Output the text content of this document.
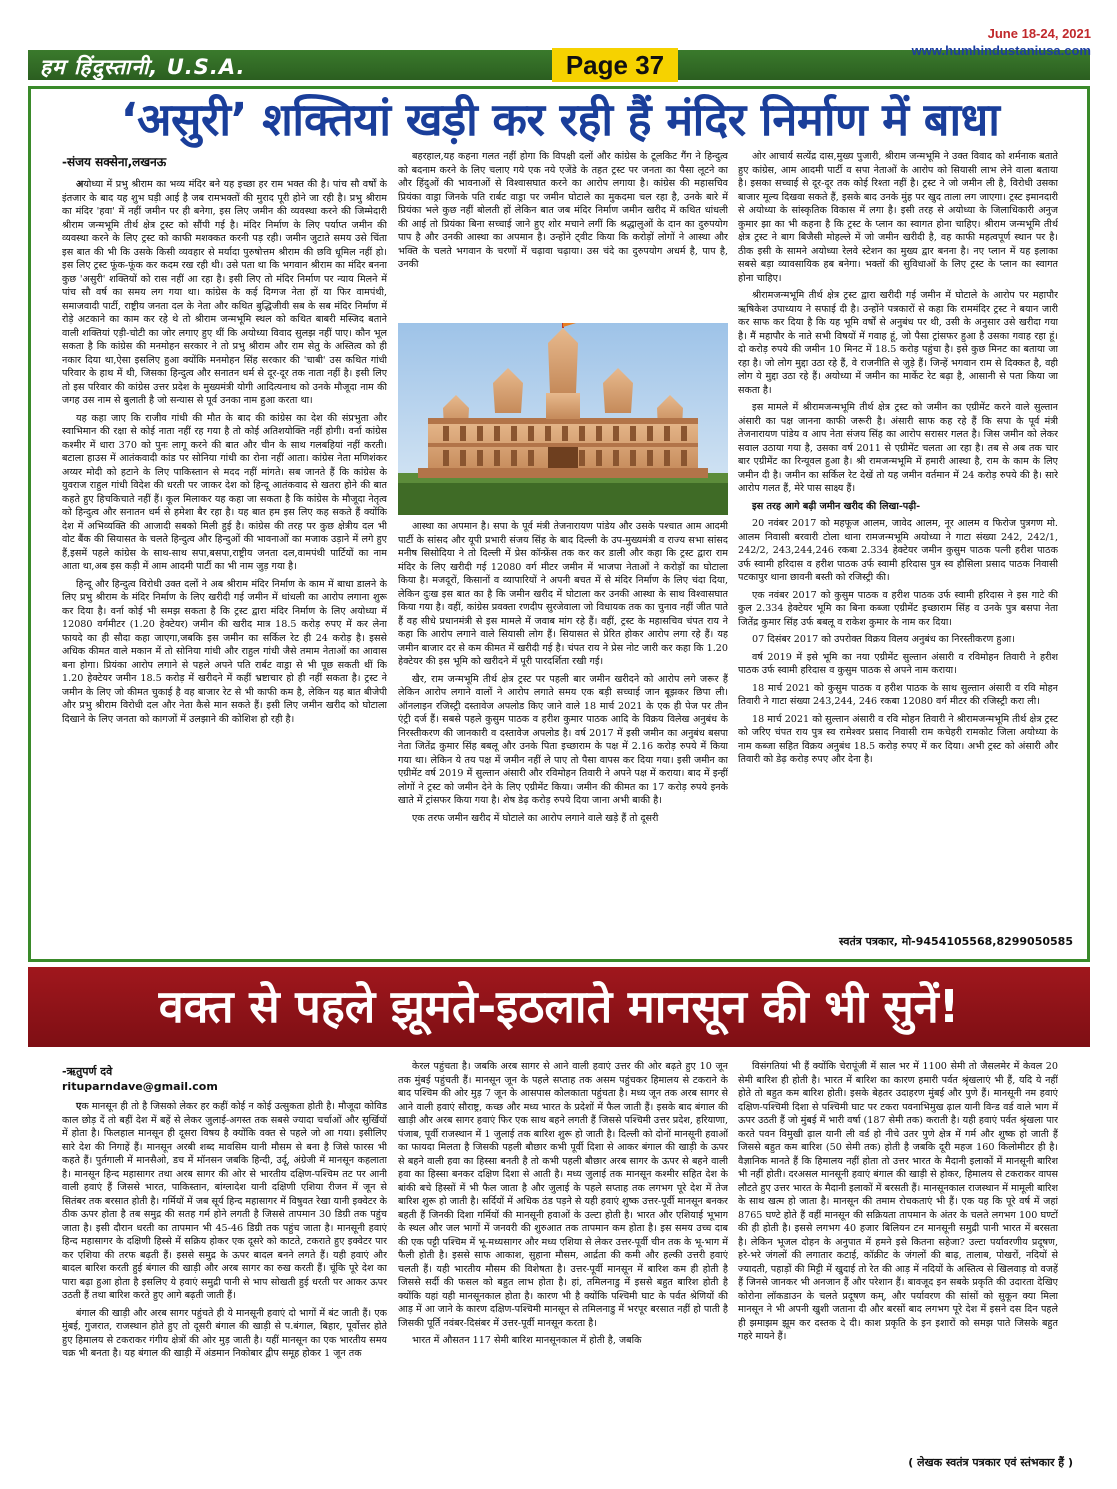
हम हिंदुस्तानी, U.S.A.	Page 37
June 18-24, 2021
www.humhindustaniusa.com
‘असुरी’ शक्तियां खड़ी कर रही हैं मंदिर निर्माण में बाधा
-संजय सक्सेना,लखनऊ

अयोध्या में प्रभु श्रीराम का भव्य मंदिर बने यह इच्छा हर राम भक्त की है। पांच सौ वर्षों के इंतजार के बाद यह शुभ घड़ी आई है जब रामभक्तों की मुराद पूरी होने जा रही है। प्रभु श्रीराम का मंदिर 'हवा' में नहीं जमीन पर ही बनेगा, इस लिए जमीन की व्यवस्था करने की जिम्मेदारी श्रीराम जन्मभूमि तीर्थ क्षेत्र ट्रस्ट को सौंपी गई है। मंदिर निर्माण के लिए पर्याप्त जमीन की व्यवस्था करने के लिए ट्रस्ट को काफी मशक्कत करनी पड़ रही। जमीन जुटाते समय उसे चिंता इस बात की भी कि उसके किसी व्यवहार से मर्यादा पुरुषोत्तम श्रीराम की छवि धूमिल नहीं हो। इस लिए ट्रस्ट फूंक-फूंक कर कदम रख रही थी। उसे पता था कि भगवान श्रीराम का मंदिर बनना कुछ 'असुरी' शक्तियों को रास नहीं आ रहा है। इसी लिए तो मंदिर निर्माण पर न्याय मिलने में पांच सौ वर्ष का समय लग गया था। कांग्रेस के कई दिग्गज नेता हों या फिर वामपंथी, समाजवादी पार्टी, राष्ट्रीय जनता दल के नेता और कथित बुद्धिजीवी सब के सब मंदिर निर्माण में रोड़े अटकाने का काम कर रहे थे तो श्रीराम जन्मभूमि स्थल को कथित बाबरी मस्जिद बताने वाली शक्तियां एड़ी-चोटी का जोर लगाए हुए थीं कि अयोध्या विवाद सुलझ नहीं पाए। कौन भूल सकता है कि कांग्रेस की मनमोहन सरकार ने तो प्रभु श्रीराम और राम सेतु के अस्तित्व को ही नकार दिया था,ऐसा इसलिए हुआ क्योंकि मनमोहन सिंह सरकार की 'चाबी' उस कथित गांधी परिवार के हाथ में थी, जिसका हिन्दुत्व और सनातन धर्म से दूर-दूर तक नाता नहीं है। इसी लिए तो इस परिवार की कांग्रेस उत्तर प्रदेश के मुख्यमंत्री योगी आदित्यनाथ को उनके मौजूदा नाम की जगह उस नाम से बुलाती है जो सन्यास से पूर्व उनका नाम हुआ करता था।

यह कहा जाए कि राजीव गांधी की मौत के बाद की कांग्रेस का देश की संप्रभुता और स्वाभिमान की रक्षा से कोई नाता नहीं रह गया है तो कोई अतिशयोक्ति नहीं होगी। वर्ना कांग्रेस कश्मीर में धारा 370 को पुनः लागू करने की बात और चीन के साथ गलबहियां नहीं करती। बटाला हाउस में आतंकवादी कांड पर सोनिया गांधी का रोना नहीं आता। कांग्रेस नेता मणिशंकर अय्यर मोदी को हटाने के लिए पाकिस्तान से मदद नहीं मांगते। सब जानते हैं कि कांग्रेस के युवराज राहुल गांधी विदेश की धरती पर जाकर देश को हिन्दू आतंकवाद से खतरा होने की बात कहते हुए हिचकिचाते नहीं हैं। कूल मिलाकर यह कहा जा सकता है कि कांग्रेस के मौजूदा नेतृत्व को हिन्दुत्व और सनातन धर्म से हमेशा बैर रहा है। यह बात हम इस लिए कह सकते हैं क्योंकि देश में अभिव्यक्ति की आजादी सबको मिली हुई है। कांग्रेस की तरह पर कुछ क्षेत्रीय दल भी वोट बैंक की सियासत के चलते हिन्दुत्व और हिन्दुओं की भावनाओं का मजाक उड़ाने में लगे हुए हैं,इसमें पहले कांग्रेस के साथ-साथ सपा,बसपा,राष्ट्रीय जनता दल,वामपंथी पार्टियों का नाम आता था,अब इस कड़ी में आम आदमी पार्टी का भी नाम जुड़ गया है।

हिन्दू और हिन्दुत्व विरोधी उक्त दलों ने अब श्रीराम मंदिर निर्माण के काम में बाधा डालने के लिए प्रभु श्रीराम के मंदिर निर्माण के लिए खरीदी गई जमीन में धांधली का आरोप लगाना शुरू कर दिया है। वर्ना कोई भी समझ सकता है कि ट्रस्ट द्वारा मंदिर निर्माण के लिए अयोध्या में 12080 वर्गमीटर (1.20 हेक्टेयर) जमीन की खरीद मात्र 18.5 करोड़ रुपए में कर लेना फायदे का ही सौदा कहा जाएगा,जबकि इस जमीन का सर्किल रेट ही 24 करोड़ है। इससे अधिक कीमत वाले मकान में तो सोनिया गांधी और राहुल गांधी जैसे तमाम नेताओं का आवास बना होगा। प्रियंका आरोप लगाने से पहले अपने पति रार्बट वाड्रा से भी पूछ सकती थीं कि 1.20 हेक्टेयर जमीन 18.5 करोड़ में खरीदने में कहीं भ्रष्टाचार हो ही नहीं सकता है। ट्रस्ट ने जमीन के लिए जो कीमत चुकाई है वह बाजार रेट से भी काफी कम है, लेकिन यह बात बीजेपी और प्रभु श्रीराम विरोधी दल और नेता कैसे मान सकते हैं। इसी लिए जमीन खरीद को घोटाला दिखाने के लिए जनता को कागजों में उलझाने की कोशिश हो रही है।

बहरहाल,यह कहना गलत नहीं होगा कि विपक्षी दलों और कांग्रेस के टूलकिट गैंग ने हिन्दुत्व को बदनाम करने के लिए चलाए गये एक नये एजेंडे के तहत ट्रस्ट पर जनता का पैसा लूटने का और हिंदुओं की भावनाओं से विश्वासघात करने का आरोप लगाया है। कांग्रेस की महासचिव प्रियंका वाड्रा जिनके पति रार्बट वाड्रा पर जमीन घोटाले का मुकदमा चल रहा है, उनके बारे में प्रियंका भले कुछ नहीं बोलती हों लेकिन बात जब मंदिर निर्माण जमीन खरीद में कथित धांधली की आई तो प्रियंका बिना सच्चाई जाने हुए शोर मचाने लगीं कि श्रद्धालुओं के दान का दुरुपयोग पाप है और उनकी आस्था का अपमान है। उन्होंने ट्वीट किया कि करोड़ों लोगों ने आस्था और भक्ति के चलते भगवान के चरणों में चढ़ावा चढ़ाया। उस चंदे का दुरुपयोग अधर्म है, पाप है, उनकी

आस्था का अपमान है। सपा के पूर्व मंत्री तेजनारायण पांडेय और उसके पश्चात आम आदमी पार्टी के सांसद और यूपी प्रभारी संजय सिंह के बाद दिल्ली के उप-मुख्यमंत्री व राज्य सभा सांसद मनीष सिसोदिया ने तो दिल्ली में प्रेस कॉन्फ्रेंस तक कर कर डाली और कहा कि ट्रस्ट द्वारा राम मंदिर के लिए खरीदी गई 12080 वर्ग मीटर जमीन में भाजपा नेताओं ने करोड़ों का घोटाला किया है। मजदूरों, किसानों व व्यापारियों ने अपनी बचत में से मंदिर निर्माण के लिए चंदा दिया, लेकिन दुःख इस बात का है कि जमीन खरीद में घोटाला कर उनकी आस्था के साथ विश्वासघात किया गया है। वहीं, कांग्रेस प्रवक्ता रणदीप सुरजेवाला जो विधायक तक का चुनाव नहीं जीत पाते हैं वह सीधे प्रधानमंत्री से इस मामले में जवाब मांग रहे हैं। वहीं, ट्रस्ट के महासचिव चंपत राय ने कहा कि आरोप लगाने वाले सियासी लोग हैं। सियासत से प्रेरित होकर आरोप लगा रहे हैं। यह जमीन बाजार दर से कम कीमत में खरीदी गई है। चंपत राय ने प्रेस नोट जारी कर कहा कि 1.20 हेक्टेयर की इस भूमि को खरीदने में पूरी पारदर्शिता रखी गई।

खैर, राम जन्मभूमि तीर्थ क्षेत्र ट्रस्ट पर पहली बार जमीन खरीदने को आरोप लगे जरूर हैं लेकिन आरोप लगाने वालों ने आरोप लगाते समय एक बड़ी सच्चाई जान बूझकर छिपा ली। ऑनलाइन रजिस्ट्री दस्तावेज अपलोड किए जाने वाले 18 मार्च 2021 के एक ही पेज पर तीन एंट्री दर्ज हैं। सबसे पहले कुसुम पाठक व हरीश कुमार पाठक आदि के विक्रय विलेख अनुबंध के निरस्तीकरण की जानकारी व दस्तावेज अपलोड है। वर्ष 2017 में इसी जमीन का अनुबंध बसपा नेता जितेंद्र कुमार सिंह बबलू और उनके पिता इच्छाराम के पक्ष में 2.16 करोड़ रुपये में किया गया था। लेकिन ये तय पक्ष में जमीन नहीं ले पाए तो पैसा वापस कर दिया गया। इसी जमीन का एग्रीमेंट वर्ष 2019 में सुल्तान अंसारी और रविमोहन तिवारी ने अपने पक्ष में कराया। बाद में इन्हीं लोगों ने ट्रस्ट को जमीन देने के लिए एग्रीमेंट किया। जमीन की कीमत का 17 करोड़ रुपये इनके खाते में ट्रांसफर किया गया है। शेष डेढ़ करोड़ रुपये दिया जाना अभी बाकी है।

एक तरफ जमीन खरीद में घोटाले का आरोप लगाने वाले खड़े हैं तो दूसरी

ओर आचार्य सत्येंद्र दास,मुख्य पुजारी, श्रीराम जन्मभूमि ने उक्त विवाद को शर्मनाक बताते हुए कांग्रेस, आम आदमी पार्टी व सपा नेताओं के आरोप को सियासी लाभ लेने वाला बताया है। इसका सच्चाई से दूर-दूर तक कोई रिश्ता नहीं है। ट्रस्ट ने जो जमीन ली है, विरोधी उसका बाजार मूल्य दिखवा सकते हैं, इसके बाद उनके मुंह पर खुद ताला लग जाएगा। ट्रस्ट इमानदारी से अयोध्या के सांस्कृतिक विकास में लगा है। इसी तरह से अयोध्या के जिलाधिकारी अनुज कुमार झा का भी कहना है कि ट्रस्ट के प्लान का स्वागत होना चाहिए। श्रीराम जन्मभूमि तीर्थ क्षेत्र ट्रस्ट ने बाग बिजैसी मोहल्ले में जो जमीन खरीदी है, वह काफी महत्वपूर्ण स्थान पर है। ठीक इसी के सामने अयोध्या रेलवे स्टेशन का मुख्य द्वार बनना है। नए प्लान में यह इलाका सबसे बड़ा व्यावसायिक हब बनेगा। भक्तों की सुविधाओं के लिए ट्रस्ट के प्लान का स्वागत होना चाहिए।

श्रीरामजन्मभूमि तीर्थ क्षेत्र ट्रस्ट द्वारा खरीदी गई जमीन में घोटाले के आरोप पर महापौर ऋषिकेश उपाध्याय ने सफाई दी है। उन्होंने पत्रकारों से कहा कि राममंदिर ट्रस्ट ने बयान जारी कर साफ कर दिया है कि यह भूमि वर्षों से अनुबंध पर थी, उसी के अनुसार उसे खरीदा गया है। मैं महापौर के नाते सभी विषयों में गवाह हूं, जो पैसा ट्रांसफर हुआ है उसका गवाह रहा हूं। दो करोड़ रुपये की जमीन 10 मिनट में 18.5 करोड़ पहुंचा है। इसे कुछ मिनट का बताया जा रहा है। जो लोग मुद्दा उठा रहे हैं, वे राजनीति से जुड़े हैं। जिन्हें भगवान राम से दिक्कत है, वही लोग ये मुद्दा उठा रहे हैं। अयोध्या में जमीन का मार्केट रेट बढ़ा है, आसानी से पता किया जा सकता है।

इस मामले में श्रीरामजन्मभूमि तीर्थ क्षेत्र ट्रस्ट को जमीन का एग्रीमेंट करने वाले सुल्तान अंसारी का पक्ष जानना काफी जरूरी है। अंसारी साफ कह रहे हैं कि सपा के पूर्व मंत्री तेजनारायण पांडेय व आप नेता संजय सिंह का आरोप सरासर गलत है। जिस जमीन को लेकर सवाल उठाया गया है, उसका वर्ष 2011 से एग्रीमेंट चलता आ रहा है। तब से अब तक चार बार एग्रीमेंट का रिन्यूवल हुआ है। श्री रामजन्मभूमि में हमारी आस्था है, राम के काम के लिए जमीन दी है। जमीन का सर्किल रेट देखें तो यह जमीन वर्तमान में 24 करोड़ रुपये की है। सारे आरोप गलत हैं, मेरे पास साक्ष्य हैं।

इस तरह आगे बढ़ी जमीन खरीद की लिखा-पढ़ी-

20 नवंबर 2017 को महफूज आलम, जावेद आलम, नूर आलम व फिरोज पुत्रगण मो. आलम निवासी बरवारी टोला थाना रामजन्मभूमि अयोध्या ने गाटा संख्या 242, 242/1, 242/2, 243,244,246 रकबा 2.334 हेक्टेयर जमीन कुसुम पाठक पत्नी हरीश पाठक उर्फ स्वामी हरिदास व हरीश पाठक उर्फ स्वामी हरिदास पुत्र स्व हौसिला प्रसाद पाठक निवासी पटकापुर थाना छावनी बस्ती को रजिस्ट्री की।

एक नवंबर 2017 को कुसुम पाठक व हरीश पाठक उर्फ स्वामी हरिदास ने इस गाटे की कुल 2.334 हेक्टेयर भूमि का बिना कब्जा एग्रीमेंट इच्छाराम सिंह व उनके पुत्र बसपा नेता जितेंद्र कुमार सिंह उर्फ बबलू व राकेश कुमार के नाम कर दिया।

07 दिसंबर 2017 को उपरोक्त विक्रय विलय अनुबंध का निरस्तीकरण हुआ।

वर्ष 2019 में इसे भूमि का नया एग्रीमेंट सुल्तान अंसारी व रविमोहन तिवारी ने हरीश पाठक उर्फ स्वामी हरिदास व कुसुम पाठक से अपने नाम कराया।

18 मार्च 2021 को कुसुम पाठक व हरीश पाठक के साथ सुल्तान अंसारी व रवि मोहन तिवारी ने गाटा संख्या 243,244, 246 रकबा 12080 वर्ग मीटर की रजिस्ट्री करा ली।

18 मार्च 2021 को सुल्तान अंसारी व रवि मोहन तिवारी ने श्रीरामजन्मभूमि तीर्थ क्षेत्र ट्रस्ट को जरिए चंपत राय पुत्र स्व रामेश्वर प्रसाद निवासी राम कचेहरी रामकोट जिला अयोध्या के नाम कब्जा सहित विक्रय अनुबंध 18.5 करोड़ रुपए में कर दिया। अभी ट्रस्ट को अंसारी और तिवारी को डेढ़ करोड़ रुपए और देना है।

स्वतंत्र पत्रकार, मो-9454105568,8299050585
वक्त से पहले झूमते-इठलाते मानसून की भी सुनें!
-ऋतुपर्ण दवे
rituparndave@gmail.com

एक मानसून ही तो है जिसको लेकर हर कहीं कोई न कोई उत्सुकता होती है। मौजूदा कोविड काल छोड़ दें तो बहीं देश में बहें से लेकर जुलाई-अगस्त तक सबसे ज्यादा चर्चाओं और सुर्खियों में होता है। फिलहाल मानसून ही दूसरा विषय है क्योंकि वक्त से पहले जो आ गया। इसीलिए सारे देश की निगाहें हैं। मानसून अरबी शब्द मावसिम यानी मौसम से बना है जिसे फारस भी कहते हैं। पुर्तगाली में मानसैओ, डच में मॉनसन जबकि हिन्दी, उर्दू, अंग्रेजी में मानसून कहलाता है। मानसून हिन्द महासागर तथा अरब सागर की ओर से भारतीय दक्षिण-पश्चिम तट पर आनी वाली हवाएं हैं जिससे भारत, पाकिस्तान, बांग्लादेश यानी दक्षिणी एशिया रीजन में जून से सितंबर तक बरसात होती है। गर्मियों में जब सूर्य हिन्द महासागर में विषुवत रेखा यानी इक्वेटर के ठीक ऊपर होता है तब समुद्र की सतह गर्म होने लगती है जिससे तापमान 30 डिग्री तक पहुंच जाता है। इसी दौरान धरती का तापमान भी 45-46 डिग्री तक पहुंच जाता है। मानसूनी हवाएं हिन्द महासागर के दक्षिणी हिस्से में सक्रिय होकर एक दूसरे को काटते, टकराते हुए इक्वेटर पार कर एशिया की तरफ बढ़ती हैं। इससे समुद्र के ऊपर बादल बनने लगते हैं। यही हवाएं और बादल बारिश करती हुई बंगाल की खाड़ी और अरब सागर का रुख करती हैं। चूंकि पूरे देश का पारा बढ़ा हुआ होता है इसलिए ये हवाएं समुद्री पानी से भाप सोखती हुई धरती पर आकर ऊपर उठती हैं तथा बारिश करते हुए आगे बढ़ती जाती हैं।

बंगाल की खाड़ी और अरब सागर पहुंचते ही ये मानसूनी हवाएं दो भागों में बंट जाती हैं। एक मुंबई, गुजरात, राजस्थान होते हुए तो दूसरी बंगाल की खाड़ी से प.बंगाल, बिहार, पूर्वोत्तर होते हुए हिमालय से टकराकर गंगीय क्षेत्रों की ओर मुड़ जाती है। यहीं मानसून का एक भारतीय समय चक्र भी बनता है। यह बंगाल की खाड़ी में अंडमान निकोबार द्वीप समूह होकर 1 जून तक

केरल पहुंचता है। जबकि अरब सागर से आने वाली हवाएं उत्तर की ओर बढ़ते हुए 10 जून तक मुंबई पहुंचती हैं। मानसून जून के पहले सप्ताह तक असम पहुंचकर हिमालय से टकराने के बाद पश्चिम की ओर मुड़ 7 जून के आसपास कोलकाता पहुंचता है। मध्य जून तक अरब सागर से आने वाली हवाएं सौराष्ट्र, कच्छ और मध्य भारत के प्रदेशों में फैल जाती हैं। इसके बाद बंगाल की खाड़ी और अरब सागर हवाएं फिर एक साथ बहने लगती हैं जिससे पश्चिमी उत्तर प्रदेश, हरियाणा, पंजाब, पूर्वी राजस्थान में 1 जुलाई तक बारिश शुरू हो जाती है। दिल्ली को दोनों मानसूनी हवाओं का फायदा मिलता है जिसकी पहली बौछार कभी पूर्वी दिशा से आकर बंगाल की खाड़ी के ऊपर से बहने वाली हवा का हिस्सा बनती है तो कभी पहली बौछार अरब सागर के ऊपर से बहने वाली हवा का हिस्सा बनकर दक्षिण दिशा से आती है। मध्य जुलाई तक मानसून कश्मीर सहित देश के बांकी बचे हिस्सों में भी फैल जाता है और जुलाई के पहले सप्ताह तक लगभग पूरे देश में तेज बारिश शुरू हो जाती है। सर्दियों में अधिक ठंड पड़ने से यही हवाएं शुष्क उत्तर-पूर्वी मानसून बनकर बहती हैं जिनकी दिशा गर्मियों की मानसूनी हवाओं के उल्टा होती है। भारत और एशियाई भूभाग के स्थल और जल भागों में जनवरी की शुरुआत तक तापमान कम होता है। इस समय उच्च दाब की एक पट्टी पश्चिम में भू-मध्यसागर और मध्य एशिया से लेकर उत्तर-पूर्वी चीन तक के भू-भाग में फैली होती है। इससे साफ आकाश, सुहाना मौसम, आर्द्रता की कमी और हल्की उत्तरी हवाएं चलती हैं। यही भारतीय मौसम की विशेषता है। उत्तर-पूर्वी मानसून में बारिश कम ही होती है जिससे सर्दी की फसल को बहुत लाभ होता है। हां, तमिलनाडु में इससे बहुत बारिश होती है क्योंकि यहां यही मानसूनकाल होता है। कारण भी है क्योंकि पश्चिमी घाट के पर्वत श्रेणियों की आड़ में आ जाने के कारण दक्षिण-पश्चिमी मानसून से तमिलनाडु में भरपूर बरसात नहीं हो पाती है जिसकी पूर्ति नवंबर-दिसंबर में उत्तर-पूर्वी मानसून करता है।

भारत में औसतन 117 सेमी बारिश मानसूनकाल में होती है, जबकि

विसंगतियां भी हैं क्योंकि चेरापूंजी में साल भर में 1100 सेमी तो जैसलमेर में केवल 20 सेमी बारिश ही होती है। भारत में बारिश का कारण हमारी पर्वत श्रृंखलाएं भी हैं, यदि ये नहीं होते तो बहुत कम बारिश होती। इसके बेहतर उदाहरण मुंबई और पुणे हैं। मानसूनी नम हवाएं दक्षिण-पश्चिमी दिशा से पश्चिमी घाट पर टकरा पवनाभिमुख ढ़ाल यानी विन्ड वर्ड वाले भाग में ऊपर उठती हैं जो मुंबई में भारी वर्षा (187 सेमी तक) कराती है। यही हवाएं पर्वत श्रृंखला पार करते पवन विमुखी ढ़ाल यानी ली वर्ड हो नीचे उतर पुणे क्षेत्र में गर्म और शुष्क हो जाती हैं जिससे बहुत कम बारिश (50 सेमी तक) होती है जबकि दूरी महज 160 किलोमीटर ही है। वैज्ञानिक मानते हैं कि हिमालय नहीं होता तो उत्तर भारत के मैदानी इलाकों में मानसूनी बारिश भी नहीं होती। दरअसल मानसूनी हवाएं बंगाल की खाड़ी से होकर, हिमालय से टकराकर वापस लौटते हुए उत्तर भारत के मैदानी इलाकों में बरसती हैं। मानसूनकाल राजस्थान में मामूली बारिश के साथ खत्म हो जाता है। मानसून की तमाम रोचकताएं भी हैं। एक यह कि पूरे वर्ष में जहां 8765 घण्टे होते हैं वहीं मानसून की सक्रियता तापमान के अंतर के चलते लगभग 100 घण्टों की ही होती है। इससे लगभग 40 हजार बिलियन टन मानसूनी समुद्री पानी भारत में बरसता है। लेकिन भूजल दोहन के अनुपात में हमने इसे कितना सहेजा? उल्टा पर्यावरणीय प्रदूषण, हरे-भरे जंगलों की लगातार कटाई, कॉक्रीट के जंगलों की बाढ़, तालाब, पोखरों, नदियों से ज्यादती, पहाड़ों की मिट्टी में खुदाई तो रेत की आड़ में नदियों के अस्तित्व से खिलवाड़ वो वजहें हैं जिनसे जानकर भी अनजान हैं और परेशान हैं। बावजूद इन सबके प्रकृति की उदारता देखिए कोरोना लॉकडाउन के चलते प्रदूषण कम्, और पर्यावरण की सांसों को सुकून क्या मिला मानसून ने भी अपनी खुशी जताना दी और बरसों बाद लगभग पूरे देश में इसने दस दिन पहले ही झमाझम झूम कर दस्तक दे दी। काश प्रकृति के इन इशारों को समझ पाते जिसके बहुत गहरे मायने हैं।

( लेखक स्वतंत्र पत्रकार एवं स्तंभकार हैं )
